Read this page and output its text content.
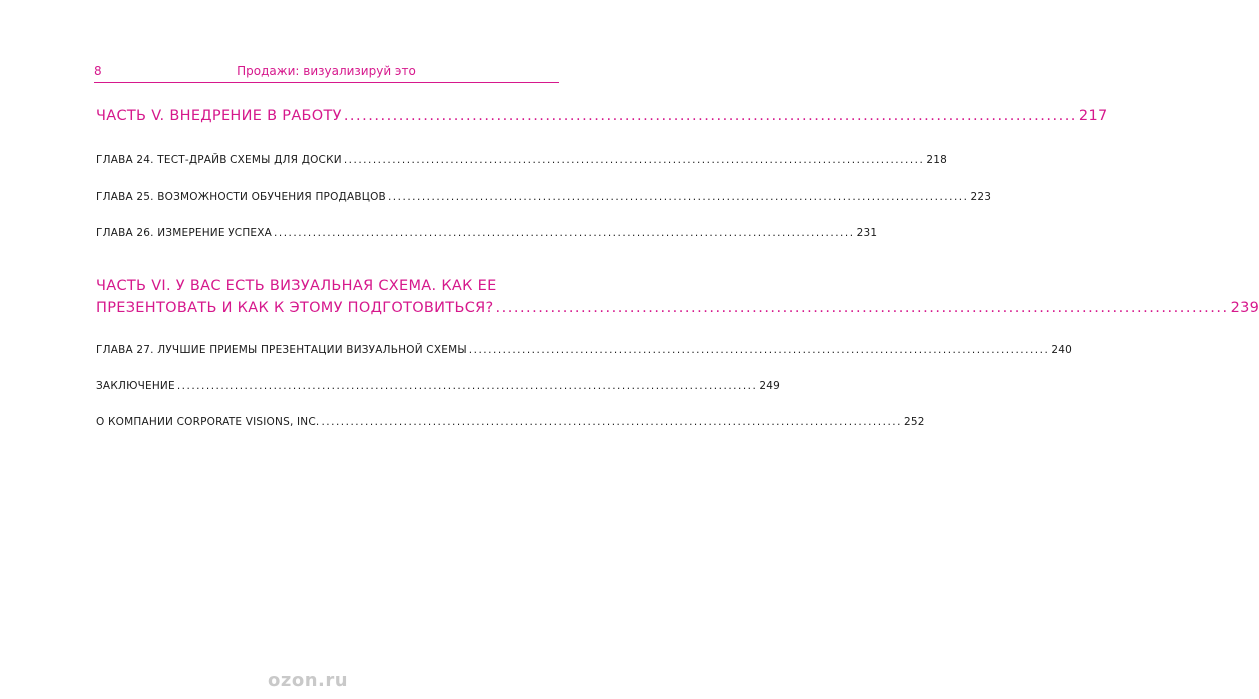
8	Продажи: визуализируй это
ЧАСТЬ V. ВНЕДРЕНИЕ В РАБОТУ ........................................................................................................................ 217
ГЛАВА 24. ТЕСТ-ДРАЙВ СХЕМЫ ДЛЯ ДОСКИ ........................................................................................................................ 218
ГЛАВА 25. ВОЗМОЖНОСТИ ОБУЧЕНИЯ ПРОДАВЦОВ ........................................................................................................................ 223
ГЛАВА 26. ИЗМЕРЕНИЕ УСПЕХА ........................................................................................................................ 231
ЧАСТЬ VI. У ВАС ЕСТЬ ВИЗУАЛЬНАЯ СХЕМА. КАК ЕЕ
ПРЕЗЕНТОВАТЬ И КАК К ЭТОМУ ПОДГОТОВИТЬСЯ? ........................................................................................................................ 239
ГЛАВА 27. ЛУЧШИЕ ПРИЕМЫ ПРЕЗЕНТАЦИИ ВИЗУАЛЬНОЙ СХЕМЫ ........................................................................................................................ 240
ЗАКЛЮЧЕНИЕ ........................................................................................................................ 249
О КОМПАНИИ CORPORATE VISIONS, INC. ........................................................................................................................ 252
ozon.ru
